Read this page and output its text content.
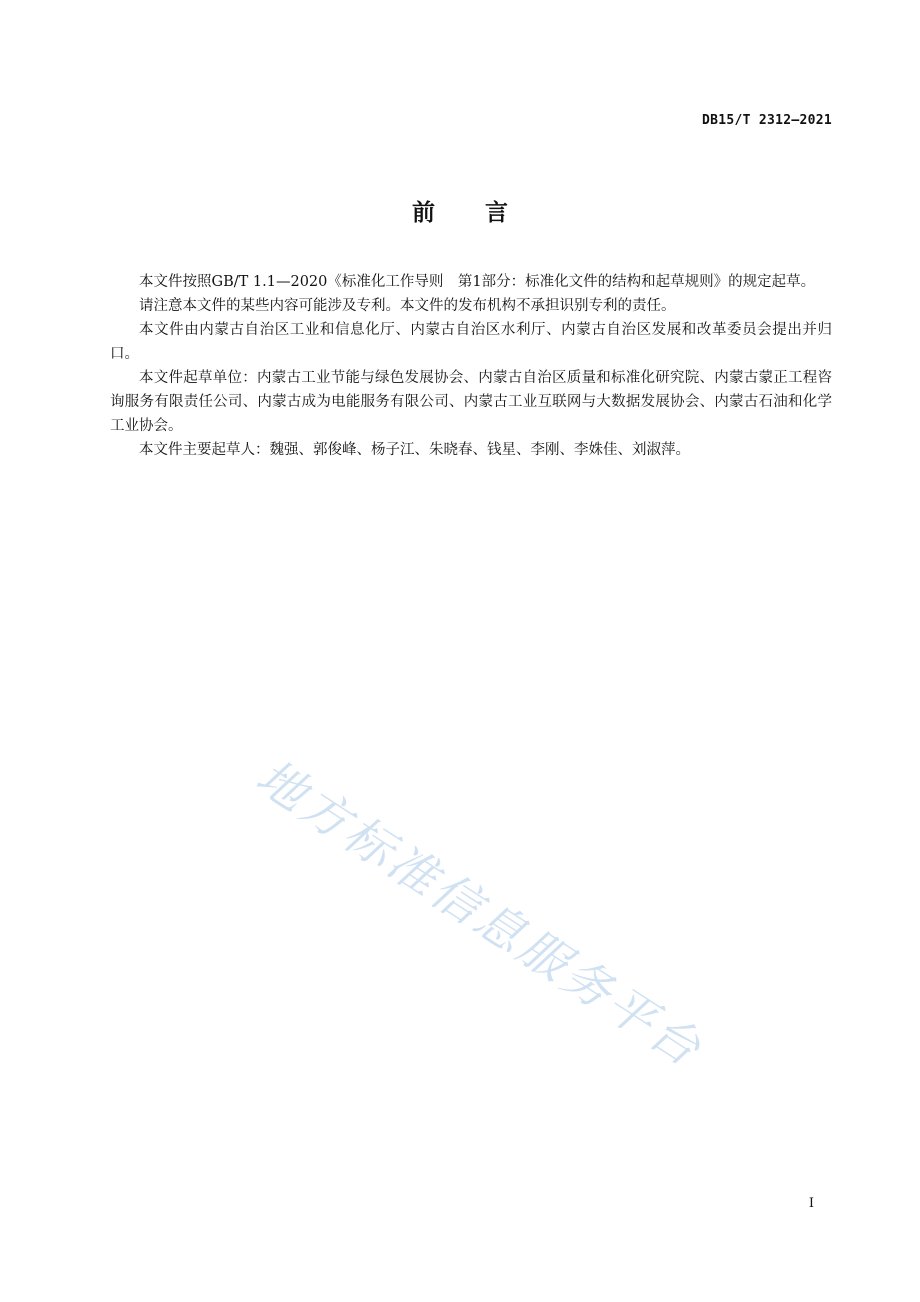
DB15/T 2312—2021
前言

本文件按照GB/T 1.1—2020《标准化工作导则　第1部分：标准化文件的结构和起草规则》的规定起草。

请注意本文件的某些内容可能涉及专利。本文件的发布机构不承担识别专利的责任。

本文件由内蒙古自治区工业和信息化厅、内蒙古自治区水利厅、内蒙古自治区发展和改革委员会提出并归口。

本文件起草单位：内蒙古工业节能与绿色发展协会、内蒙古自治区质量和标准化研究院、内蒙古蒙正工程咨询服务有限责任公司、内蒙古成为电能服务有限公司、内蒙古工业互联网与大数据发展协会、内蒙古石油和化学工业协会。

本文件主要起草人：魏强、郭俊峰、杨子江、朱晓春、钱星、李刚、李姝佳、刘淑萍。

地方标准信息服务平台
I
